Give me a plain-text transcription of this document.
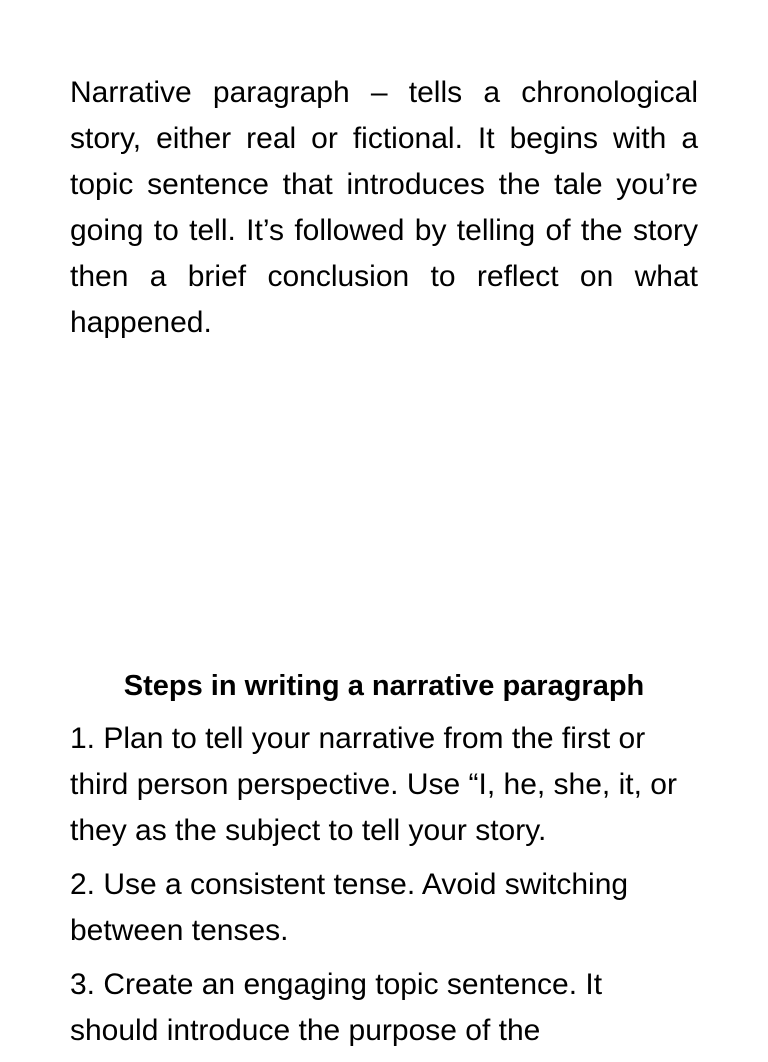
Narrative paragraph – tells a chronological story, either real or fictional. It begins with a topic sentence that introduces the tale you’re going to tell. It’s followed by telling of the story then a brief conclusion to reflect on what happened.

Steps in writing a narrative paragraph
1. Plan to tell your narrative from the first or third person perspective. Use “I, he, she, it, or they as the subject to tell your story.
2. Use a consistent tense. Avoid switching between tenses.
3. Create an engaging topic sentence. It should introduce the purpose of the
